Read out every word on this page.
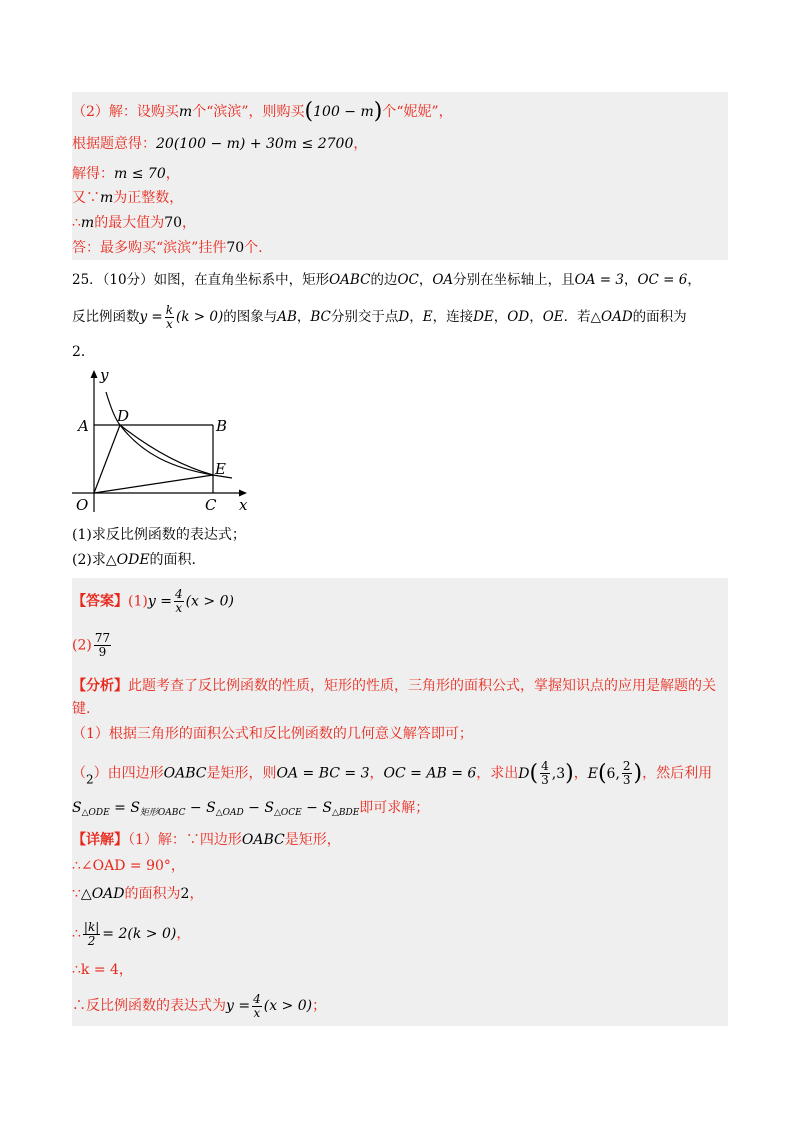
（2）解：设购买m个“滨滨”，则购买(100 − m)个“妮妮”，
根据题意得：20(100 − m) + 30m ≤ 2700，
解得：m ≤ 70，
又∵m为正整数，
∴m的最大值为70，
答：最多购买“滨滨”挂件70个.
25．（10分）如图，在直角坐标系中，矩形OABC的边OC，OA分别在坐标轴上，且OA = 3，OC = 6，
反比例函数$y = \frac{k}{x} (k > 0)$的图象与AB，BC分别交于点D，E，连接DE，OD，OE．若△OAD的面积为
2．
y
x
A	B
D
E
O	C
(1)求反比例函数的表达式；
(2)求△ODE的面积.
【答案】$(1)y = \frac{4}{x} (x > 0)$
$(2) \frac{77}{9}$
【分析】此题考查了反比例函数的性质，矩形的性质，三角形的面积公式，掌握知识点的应用是解题的关
键.
（1）根据三角形的面积公式和反比例函数的几何意义解答即可；
（2）由四边形OABC是矩形，则OA = BC = 3，OC = AB = 6，求出$D( \frac{4}{3} ,3)$，E(6, $\frac{2}{3}$ )，然后利用
$S_{\triangle ODE} = S_{矩形OABC} - S_{\triangle OAD} - S_{\triangle OCE} - S_{\triangle BDE}$即可求解；
【详解】（1）解：∵四边形OABC是矩形，
∴∠OAD = 90°，
∵△OAD的面积为2，
∴ $\frac{|k|}{2} = 2(k > 0)$，
∴k = 4，
∴反比例函数的表达式为$y = \frac{4}{x} (x > 0)$；
